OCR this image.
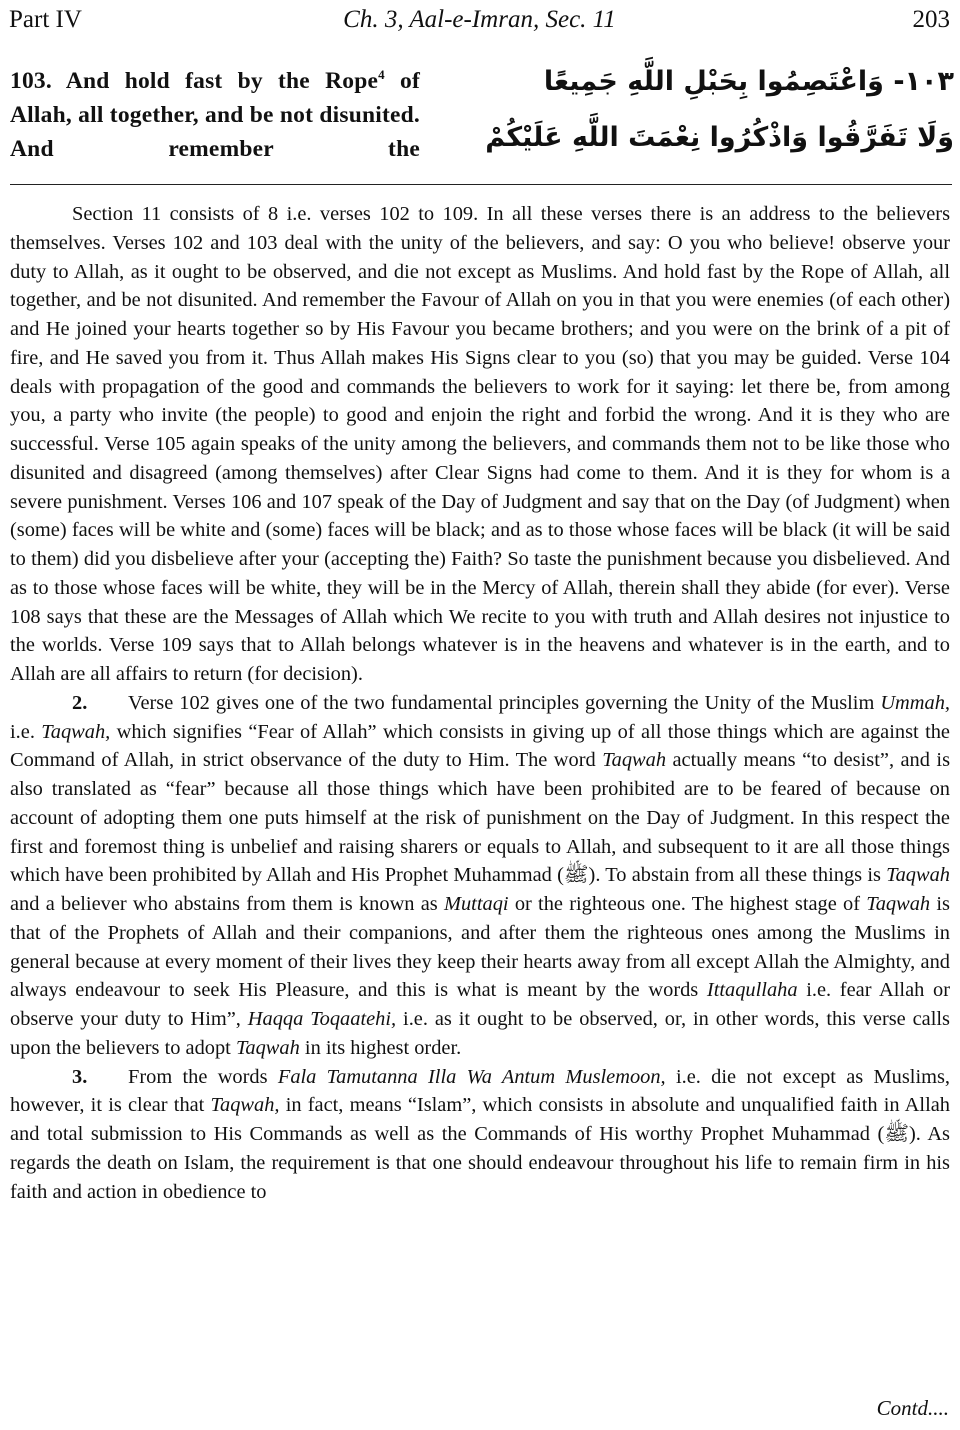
Part IV	Ch. 3, Aal-e-Imran, Sec. 11	203
103. And hold fast by the Rope$^4$ of Allah, all together, and be not disunited. And remember the
١٠٣- وَاعْتَصِمُوا بِحَبْلِ اللَّهِ جَمِيعًا
وَلَا تَفَرَّقُوا وَاذْكُرُوا نِعْمَتَ اللَّهِ عَلَيْكُمْ

Section 11 consists of 8 i.e. verses 102 to 109. In all these verses there is an address to the believers themselves. Verses 102 and 103 deal with the unity of the believers, and say: O you who believe! observe your duty to Allah, as it ought to be observed, and die not except as Muslims. And hold fast by the Rope of Allah, all together, and be not disunited. And remember the Favour of Allah on you in that you were enemies (of each other) and He joined your hearts together so by His Favour you became brothers; and you were on the brink of a pit of fire, and He saved you from it. Thus Allah makes His Signs clear to you (so) that you may be guided. Verse 104 deals with propagation of the good and commands the believers to work for it saying: let there be, from among you, a party who invite (the people) to good and enjoin the right and forbid the wrong. And it is they who are successful. Verse 105 again speaks of the unity among the believers, and commands them not to be like those who disunited and disagreed (among themselves) after Clear Signs had come to them. And it is they for whom is a severe punishment. Verses 106 and 107 speak of the Day of Judgment and say that on the Day (of Judgment) when (some) faces will be white and (some) faces will be black; and as to those whose faces will be black (it will be said to them) did you disbelieve after your (accepting the) Faith? So taste the punishment because you disbelieved. And as to those whose faces will be white, they will be in the Mercy of Allah, therein shall they abide (for ever). Verse 108 says that these are the Messages of Allah which We recite to you with truth and Allah desires not injustice to the worlds. Verse 109 says that to Allah belongs whatever is in the heavens and whatever is in the earth, and to Allah are all affairs to return (for decision).

2. Verse 102 gives one of the two fundamental principles governing the Unity of the Muslim Ummah, i.e. Taqwah, which signifies “Fear of Allah” which consists in giving up of all those things which are against the Command of Allah, in strict observance of the duty to Him. The word Taqwah actually means “to desist”, and is also translated as “fear” because all those things which have been prohibited are to be feared of because on account of adopting them one puts himself at the risk of punishment on the Day of Judgment. In this respect the first and foremost thing is unbelief and raising sharers or equals to Allah, and subsequent to it are all those things which have been prohibited by Allah and His Prophet Muhammad (ﷺ). To abstain from all these things is Taqwah and a believer who abstains from them is known as Muttaqi or the righteous one. The highest stage of Taqwah is that of the Prophets of Allah and their companions, and after them the righteous ones among the Muslims in general because at every moment of their lives they keep their hearts away from all except Allah the Almighty, and always endeavour to seek His Pleasure, and this is what is meant by the words Ittaqullaha i.e. fear Allah or observe your duty to Him”, Haqqa Toqaatehi, i.e. as it ought to be observed, or, in other words, this verse calls upon the believers to adopt Taqwah in its highest order.

3. From the words Fala Tamutanna Illa Wa Antum Muslemoon, i.e. die not except as Muslims, however, it is clear that Taqwah, in fact, means “Islam”, which consists in absolute and unqualified faith in Allah and total submission to His Commands as well as the Commands of His worthy Prophet Muhammad (ﷺ). As regards the death on Islam, the requirement is that one should endeavour throughout his life to remain firm in his faith and action in obedience to

Contd....
